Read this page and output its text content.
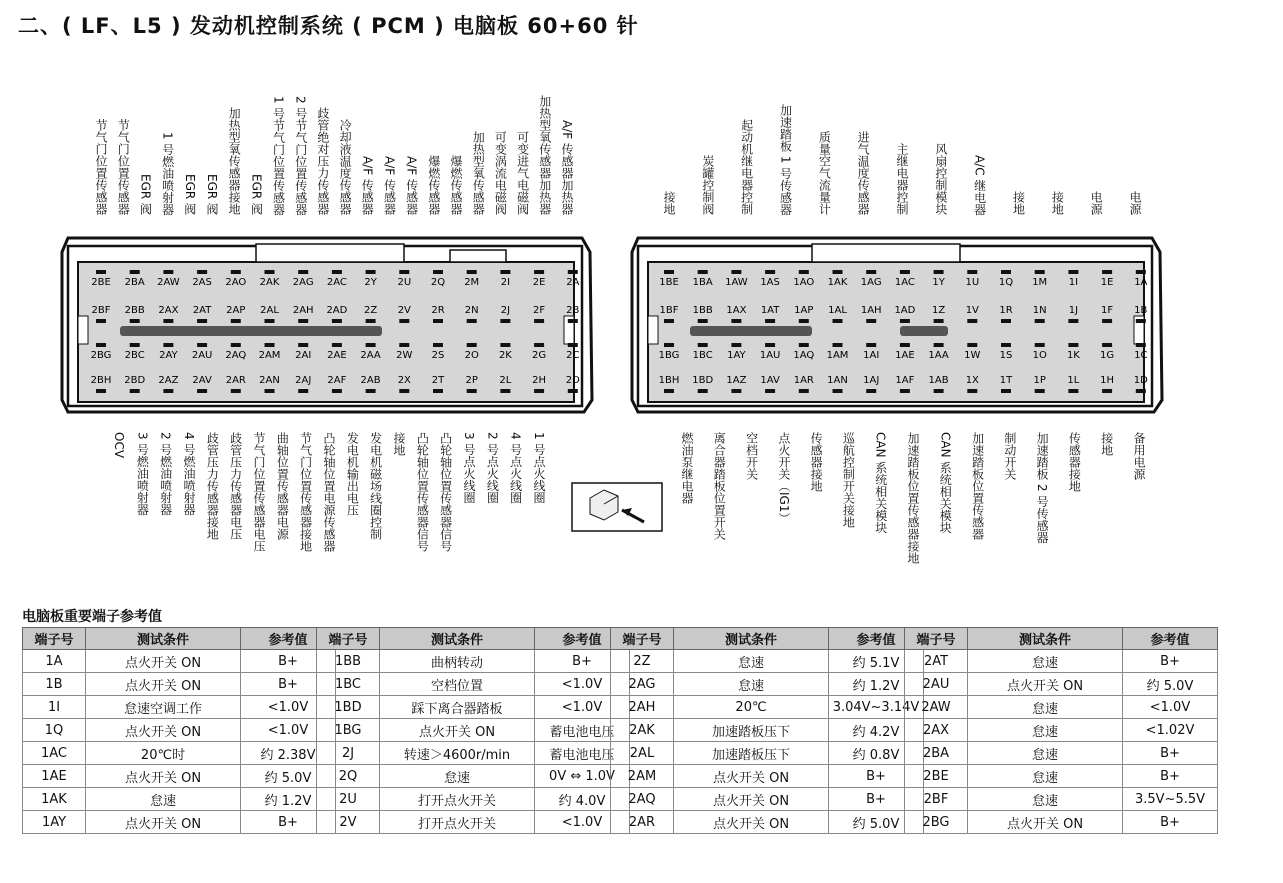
二、( LF、L5 ) 发动机控制系统 ( PCM ) 电脑板 60+60 针
节气门位置传感器 节气门位置传感器 EGR 阀 1 号燃油喷射器 EGR 阀 EGR 阀 加热型氧传感器接地 EGR 阀 1 号节气门位置传感器 2 号节气门位置传感器 歧管绝对压力传感器 冷却液温度传感器 A/F 传感器 A/F 传感器 A/F 传感器 爆燃传感器 爆燃传感器 加热型氧传感器 可变涡流电磁阀 可变进气电磁阀 加热型氧传感器加热器 A/F 传感器加热器
OCV 3 号燃油喷射器 2 号燃油喷射器 4 号燃油喷射器 歧管压力传感器接地 歧管压力传感器电压 节气门位置传感器电压 曲轴位置传感器电源 节气门位置传感器接地 凸轮轴位置电源传感器 发电机输出电压 发电机磁场线圈控制 接地 凸轮轴位置传感器信号 凸轮轴位置传感器信号 3 号点火线圈 2 号点火线圈 4 号点火线圈 1 号点火线圈
接地 炭罐控制阀 起动机继电器控制 加速踏板 1 号传感器 质量空气流量计 进气温度传感器 主继电器控制 风扇控制模块 A/C 继电器 接地 接地 电源 电源
燃油泵继电器 离合器踏板位置开关 空档开关 点火开关（IG1） 传感器接地 巡航控制开关接地 CAN 系统相关模块 加速踏板位置传感器接地 CAN 系统相关模块 加速踏板位置传感器 制动开关 加速踏板 2 号传感器 传感器接地 接地 备用电源
2BE 2BA 2AW 2AS 2AO 2AK 2AG 2AC 2Y 2U 2Q 2M 2I 2E 2A
2BF 2BB 2AX 2AT 2AP 2AL 2AH 2AD 2Z 2V 2R 2N 2J 2F 2B
2BG 2BC 2AY 2AU 2AQ 2AM 2AI 2AE 2AA 2W 2S 2O 2K 2G 2C
2BH 2BD 2AZ 2AV 2AR 2AN 2AJ 2AF 2AB 2X 2T 2P 2L 2H 2D
1BE 1BA 1AW 1AS 1AO 1AK 1AG 1AC 1Y 1U 1Q 1M 1I 1E 1A
1BF 1BB 1AX 1AT 1AP 1AL 1AH 1AD 1Z 1V 1R 1N 1J 1F 1B
1BG 1BC 1AY 1AU 1AQ 1AM 1AI 1AE 1AA 1W 1S 1O 1K 1G 1C
1BH 1BD 1AZ 1AV 1AR 1AN 1AJ 1AF 1AB 1X 1T 1P 1L 1H 1D
电脑板重要端子参考值
端子号	测试条件	参考值
1A	点火开关 ON	B+
1B	点火开关 ON	B+
1I	怠速空调工作	<1.0V
1Q	点火开关 ON	<1.0V
1AC	20℃时	约 2.38V
1AE	点火开关 ON	约 5.0V
1AK	怠速	约 1.2V
1AY	点火开关 ON	B+
端子号	测试条件	参考值
1BB	曲柄转动	B+
1BC	空档位置	<1.0V
1BD	踩下离合器踏板	<1.0V
1BG	点火开关 ON	蓄电池电压
2J	转速＞4600r/min	蓄电池电压
2Q	怠速	0V ⇔ 1.0V
2U	打开点火开关	约 4.0V
2V	打开点火开关	<1.0V
端子号	测试条件	参考值
2Z	怠速	约 5.1V
2AG	怠速	约 1.2V
2AH	20℃	3.04V~3.14V
2AK	加速踏板压下	约 4.2V
2AL	加速踏板压下	约 0.8V
2AM	点火开关 ON	B+
2AQ	点火开关 ON	B+
2AR	点火开关 ON	约 5.0V
端子号	测试条件	参考值
2AT	怠速	B+
2AU	点火开关 ON	约 5.0V
2AW	怠速	<1.0V
2AX	怠速	<1.02V
2BA	怠速	B+
2BE	怠速	B+
2BF	怠速	3.5V~5.5V
2BG	点火开关 ON	B+
